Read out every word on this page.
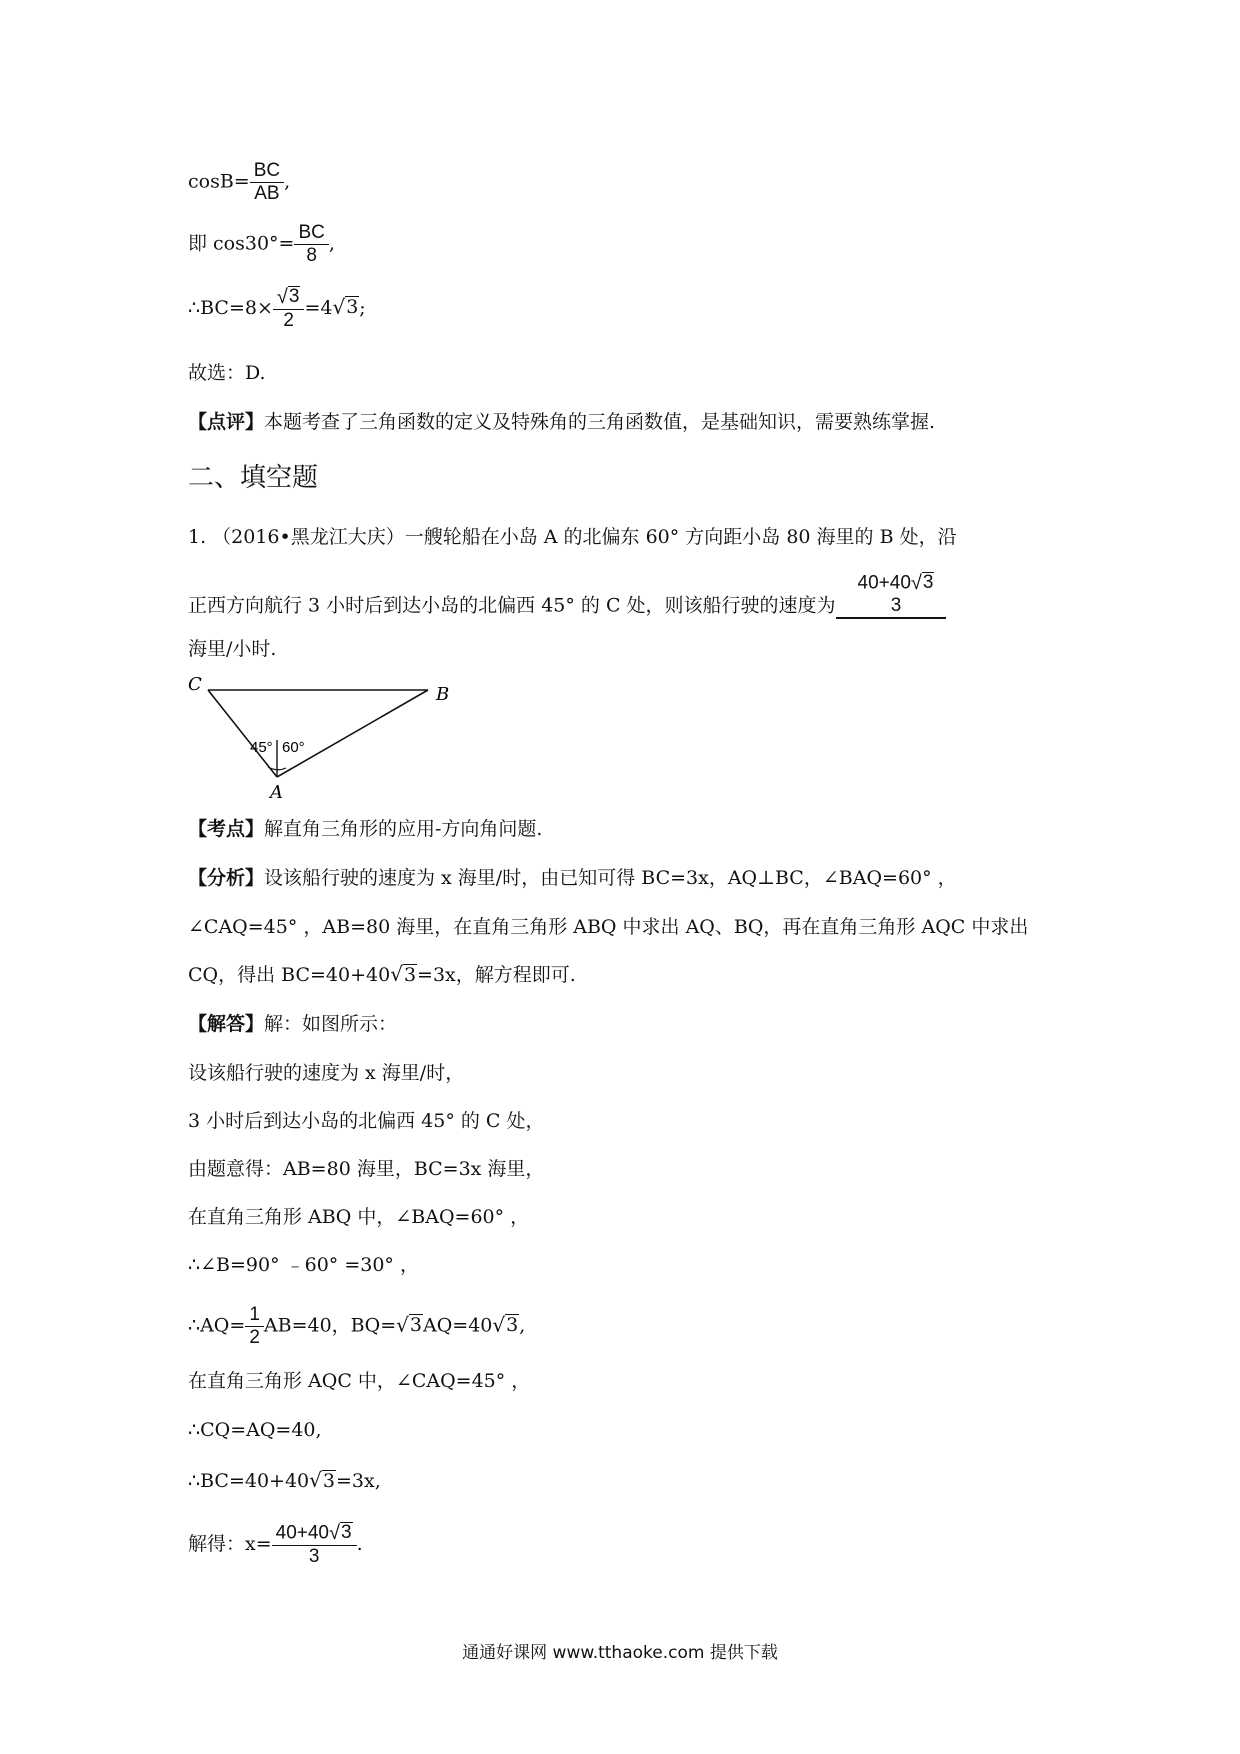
$\cos B= \frac{BC}{AB}$ ,
即 $\cos 30^\circ= \frac{BC}{8}$ ,
∴BC=8× $\frac{√ 3}{2} =4$ √ 3 ;
故选：D.
【点评】本题考查了三角函数的定义及特殊角的三角函数值，是基础知识，需要熟练掌握.
二、填空题
1. （2016•黑龙江大庆）一艘轮船在小岛 A 的北偏东 60° 方向距小岛 80 海里的 B 处，沿
正西方向航行 3 小时后到达小岛的北偏西 45° 的 C 处，则该船行驶的速度为
40+40 √ 3
3
海里/小时.
C	B
A
45° 60°
【考点】解直角三角形的应用-方向角问题.
【分析】设该船行驶的速度为 x 海里/时，由已知可得 BC=3x，AQ⊥BC，∠BAQ=60° ，
∠CAQ=45° ，AB=80 海里，在直角三角形 ABQ 中求出 AQ、BQ，再在直角三角形 AQC 中求出
CQ，得出 BC=40+40 √ 3 =3x，解方程即可.
【解答】解：如图所示：
设该船行驶的速度为 x 海里/时，
3 小时后到达小岛的北偏西 45° 的 C 处，
由题意得：AB=80 海里，BC=3x 海里，
在直角三角形 ABQ 中，∠BAQ=60° ，
∴∠B=90° ﹣60° =30° ，
∴AQ= $\frac{1}{2} AB=40$，BQ= √ 3 AQ=40 √ 3 ,
在直角三角形 AQC 中，∠CAQ=45° ，
∴CQ=AQ=40,
∴BC=40+40 √ 3 =3x,
解得：$x= \frac{40+40 √ 3}{3}$ .
通通好课网 www.tthaoke.com 提供下载
